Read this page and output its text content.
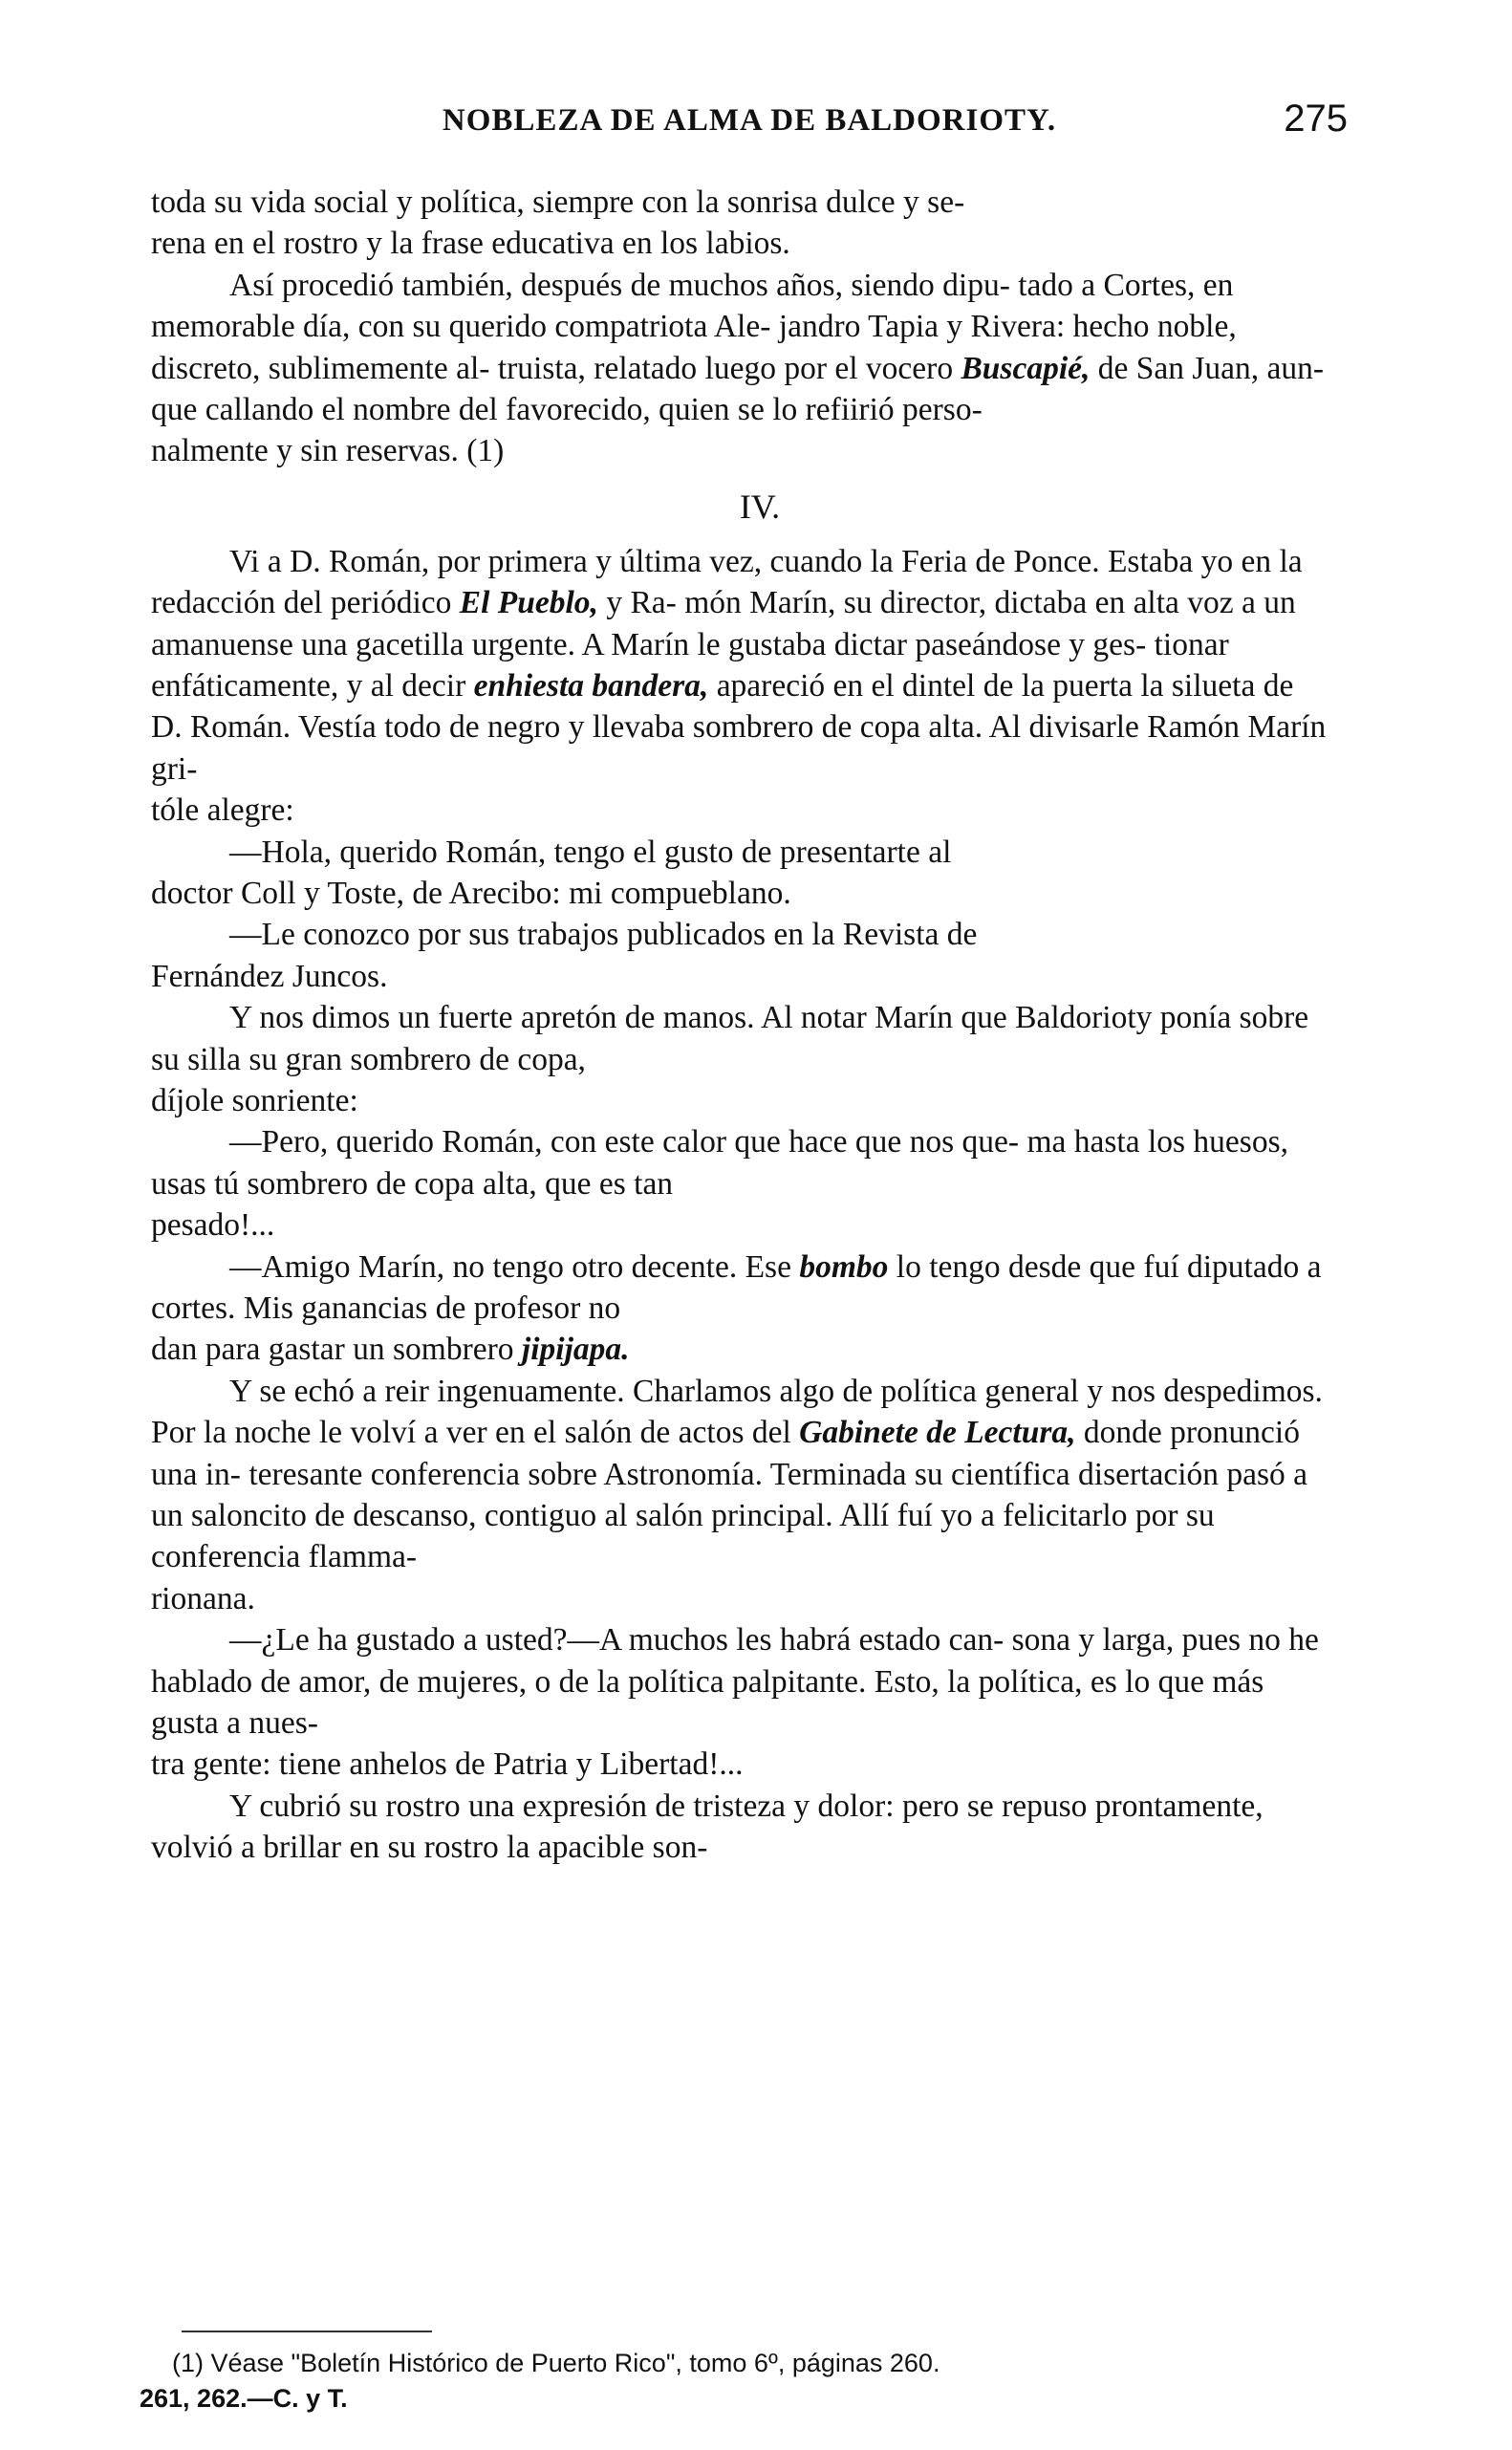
NOBLEZA DE ALMA DE BALDORIOTY.	275
toda su vida social y política, siempre con la sonrisa dulce y se-
rena en el rostro y la frase educativa en los labios.
Así procedió también, después de muchos años, siendo dipu- tado a Cortes, en memorable día, con su querido compatriota Ale- jandro Tapia y Rivera: hecho noble, discreto, sublimemente al- truista, relatado luego por el vocero Buscapié, de San Juan, aun- que callando el nombre del favorecido, quien se lo refiirió perso-
nalmente y sin reservas. (1)
IV.
Vi a D. Román, por primera y última vez, cuando la Feria de Ponce. Estaba yo en la redacción del periódico El Pueblo, y Ra- món Marín, su director, dictaba en alta voz a un amanuense una gacetilla urgente. A Marín le gustaba dictar paseándose y ges- tionar enfáticamente, y al decir enhiesta bandera, apareció en el dintel de la puerta la silueta de D. Román. Vestía todo de negro y llevaba sombrero de copa alta. Al divisarle Ramón Marín gri-
tóle alegre:
—Hola, querido Román, tengo el gusto de presentarte al
doctor Coll y Toste, de Arecibo: mi compueblano.
—Le conozco por sus trabajos publicados en la Revista de
Fernández Juncos.
Y nos dimos un fuerte apretón de manos. Al notar Marín que Baldorioty ponía sobre su silla su gran sombrero de copa,
díjole sonriente:
—Pero, querido Román, con este calor que hace que nos que- ma hasta los huesos, usas tú sombrero de copa alta, que es tan
pesado!...
—Amigo Marín, no tengo otro decente. Ese bombo lo tengo desde que fuí diputado a cortes. Mis ganancias de profesor no
dan para gastar un sombrero jipijapa.
Y se echó a reir ingenuamente. Charlamos algo de política general y nos despedimos. Por la noche le volví a ver en el salón de actos del Gabinete de Lectura, donde pronunció una in- teresante conferencia sobre Astronomía. Terminada su científica disertación pasó a un saloncito de descanso, contiguo al salón principal. Allí fuí yo a felicitarlo por su conferencia flamma-
rionana.
—¿Le ha gustado a usted?—A muchos les habrá estado can- sona y larga, pues no he hablado de amor, de mujeres, o de la política palpitante. Esto, la política, es lo que más gusta a nues-
tra gente: tiene anhelos de Patria y Libertad!...
Y cubrió su rostro una expresión de tristeza y dolor: pero se repuso prontamente, volvió a brillar en su rostro la apacible son-
(1) Véase "Boletín Histórico de Puerto Rico", tomo 6º, páginas 260.
261, 262.—C. y T.
